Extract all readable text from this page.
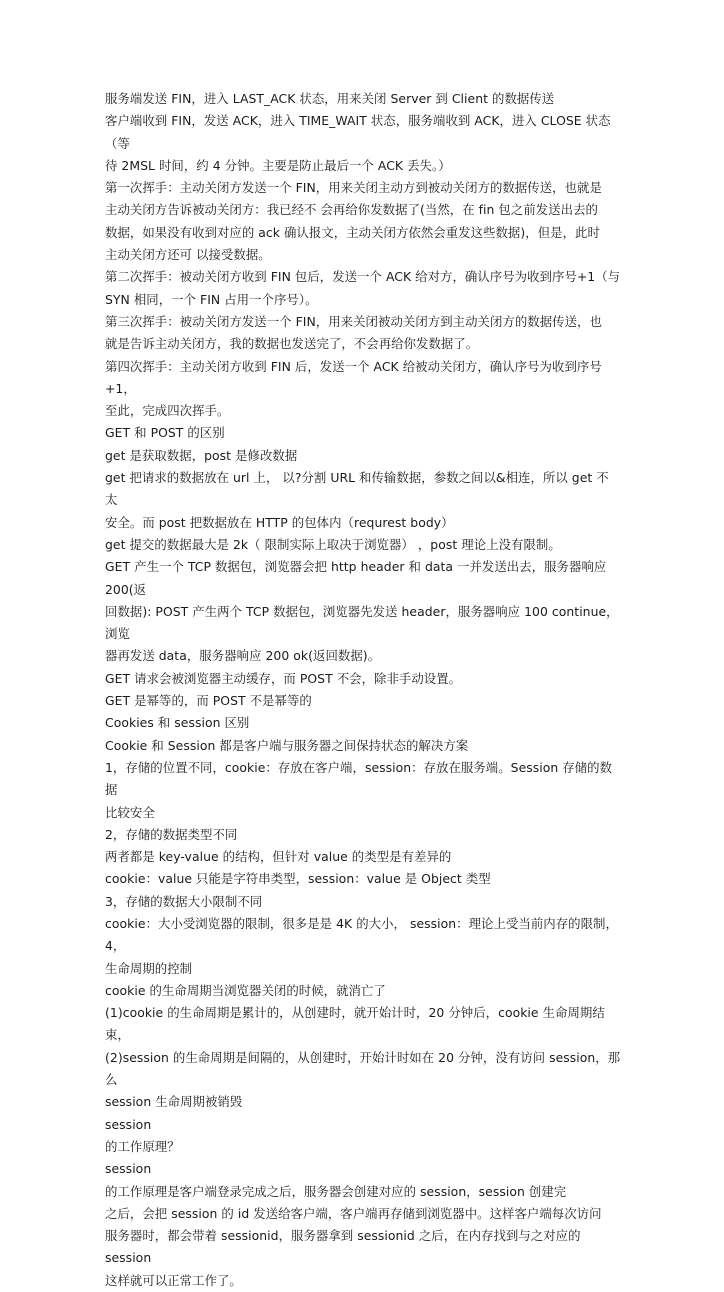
服务端发送 FIN，进入 LAST_ACK 状态，用来关闭 Server 到 Client 的数据传送
客户端收到 FIN，发送 ACK，进入 TIME_WAIT 状态，服务端收到 ACK，进入 CLOSE 状态（等
待 2MSL 时间，约 4 分钟。主要是防止最后一个 ACK 丢失。）
第一次挥手：主动关闭方发送一个 FIN，用来关闭主动方到被动关闭方的数据传送，也就是
主动关闭方告诉被动关闭方：我已经不 会再给你发数据了(当然，在 fin 包之前发送出去的
数据，如果没有收到对应的 ack 确认报文，主动关闭方依然会重发这些数据)，但是，此时
主动关闭方还可 以接受数据。
第二次挥手：被动关闭方收到 FIN 包后，发送一个 ACK 给对方，确认序号为收到序号+1（与
SYN 相同，一个 FIN 占用一个序号）。
第三次挥手：被动关闭方发送一个 FIN，用来关闭被动关闭方到主动关闭方的数据传送，也
就是告诉主动关闭方，我的数据也发送完了，不会再给你发数据了。
第四次挥手：主动关闭方收到 FIN 后，发送一个 ACK 给被动关闭方，确认序号为收到序号+1，
至此，完成四次挥手。
GET 和 POST 的区别
get 是获取数据，post 是修改数据
get 把请求的数据放在 url 上， 以?分割 URL 和传输数据，参数之间以&相连，所以 get 不太
安全。而 post 把数据放在 HTTP 的包体内（requrest body）
get 提交的数据最大是 2k（ 限制实际上取决于浏览器） ，post 理论上没有限制。
GET 产生一个 TCP 数据包，浏览器会把 http header 和 data 一并发送出去，服务器响应 200(返
回数据): POST 产生两个 TCP 数据包，浏览器先发送 header，服务器响应 100 continue，浏览
器再发送 data，服务器响应 200 ok(返回数据)。
GET 请求会被浏览器主动缓存，而 POST 不会，除非手动设置。
GET 是幂等的，而 POST 不是幂等的
Cookies 和 session 区别
Cookie 和 Session 都是客户端与服务器之间保持状态的解决方案
1，存储的位置不同，cookie：存放在客户端，session：存放在服务端。Session 存储的数据
比较安全
2，存储的数据类型不同
两者都是 key-value 的结构，但针对 value 的类型是有差异的
cookie：value 只能是字符串类型，session：value 是 Object 类型
3，存储的数据大小限制不同
cookie：大小受浏览器的限制，很多是是 4K 的大小， session：理论上受当前内存的限制，4，
生命周期的控制
cookie 的生命周期当浏览器关闭的时候，就消亡了
(1)cookie 的生命周期是累计的，从创建时，就开始计时，20 分钟后，cookie 生命周期结束，
(2)session 的生命周期是间隔的，从创建时，开始计时如在 20 分钟，没有访问 session，那么
session 生命周期被销毁
session
的工作原理？
session
的工作原理是客户端登录完成之后，服务器会创建对应的 session，session 创建完
之后，会把 session 的 id 发送给客户端，客户端再存储到浏览器中。这样客户端每次访问
服务器时，都会带着 sessionid，服务器拿到 sessionid 之后，在内存找到与之对应的 session
这样就可以正常工作了。
